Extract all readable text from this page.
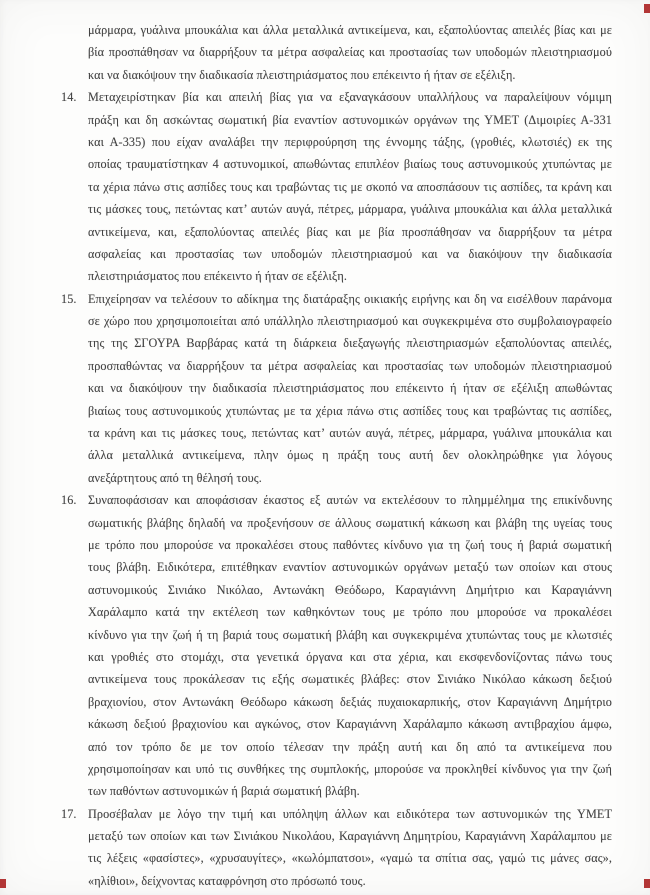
μάρμαρα, γυάλινα μπουκάλια και άλλα μεταλλικά αντικείμενα, και, εξαπολύοντας απειλές βίας και με
βία προσπάθησαν να διαρρήξουν τα μέτρα ασφαλείας και προστασίας των υποδομών πλειστηριασμού
και να διακόψουν την διαδικασία πλειστηριάσματος που επέκειντο ή ήταν σε εξέλιξη.
14. Μεταχειρίστηκαν βία και απειλή βίας για να εξαναγκάσουν υπαλλήλους να παραλείψουν νόμιμη
πράξη και δη ασκώντας σωματική βία εναντίον αστυνομικών οργάνων της ΥΜΕΤ (Διμοιρίες Α-331
και Α-335) που είχαν αναλάβει την περιφρούρηση της έννομης τάξης, (γροθιές, κλωτσιές) εκ της
οποίας τραυματίστηκαν 4 αστυνομικοί, απωθώντας επιπλέον βιαίως τους αστυνομικούς χτυπώντας με
τα χέρια πάνω στις ασπίδες τους και τραβώντας τις με σκοπό να αποσπάσουν τις ασπίδες, τα κράνη και
τις μάσκες τους, πετώντας κατ’ αυτών αυγά, πέτρες, μάρμαρα, γυάλινα μπουκάλια και άλλα μεταλλικά
αντικείμενα, και, εξαπολύοντας απειλές βίας και με βία προσπάθησαν να διαρρήξουν τα μέτρα
ασφαλείας και προστασίας των υποδομών πλειστηριασμού και να διακόψουν την διαδικασία
πλειστηριάσματος που επέκειντο ή ήταν σε εξέλιξη.
15. Επιχείρησαν να τελέσουν το αδίκημα της διατάραξης οικιακής ειρήνης και δη να εισέλθουν παράνομα
σε χώρο που χρησιμοποιείται από υπάλληλο πλειστηριασμού και συγκεκριμένα στο συμβολαιογραφείο
της της ΣΓΟΥΡΑ Βαρβάρας κατά τη διάρκεια διεξαγωγής πλειστηριασμών εξαπολύοντας απειλές,
προσπαθώντας να διαρρήξουν τα μέτρα ασφαλείας και προστασίας των υποδομών πλειστηριασμού
και να διακόψουν την διαδικασία πλειστηριάσματος που επέκειντο ή ήταν σε εξέλιξη απωθώντας
βιαίως τους αστυνομικούς χτυπώντας με τα χέρια πάνω στις ασπίδες τους και τραβώντας τις ασπίδες,
τα κράνη και τις μάσκες τους, πετώντας κατ’ αυτών αυγά, πέτρες, μάρμαρα, γυάλινα μπουκάλια και
άλλα μεταλλικά αντικείμενα, πλην όμως η πράξη τους αυτή δεν ολοκληρώθηκε για λόγους
ανεξάρτητους από τη θέλησή τους.
16. Συναποφάσισαν και αποφάσισαν έκαστος εξ αυτών να εκτελέσουν το πλημμέλημα της επικίνδυνης
σωματικής βλάβης δηλαδή να προξενήσουν σε άλλους σωματική κάκωση και βλάβη της υγείας τους
με τρόπο που μπορούσε να προκαλέσει στους παθόντες κίνδυνο για τη ζωή τους ή βαριά σωματική
τους βλάβη. Ειδικότερα, επιτέθηκαν εναντίον αστυνομικών οργάνων μεταξύ των οποίων και στους
αστυνομικούς Σινιάκο Νικόλαο, Αντωνάκη Θεόδωρο, Καραγιάννη Δημήτριο και Καραγιάννη
Χαράλαμπο κατά την εκτέλεση των καθηκόντων τους με τρόπο που μπορούσε να προκαλέσει
κίνδυνο για την ζωή ή τη βαριά τους σωματική βλάβη και συγκεκριμένα χτυπώντας τους με κλωτσιές
και γροθιές στο στομάχι, στα γενετικά όργανα και στα χέρια, και εκσφενδονίζοντας πάνω τους
αντικείμενα τους προκάλεσαν τις εξής σωματικές βλάβες: στον Σινιάκο Νικόλαο κάκωση δεξιού
βραχιονίου, στον Αντωνάκη Θεόδωρο κάκωση δεξιάς πυχαιοκαρπικής, στον Καραγιάννη Δημήτριο
κάκωση δεξιού βραχιονίου και αγκώνος, στον Καραγιάννη Χαράλαμπο κάκωση αντιβραχίου άμφω,
από τον τρόπο δε με τον οποίο τέλεσαν την πράξη αυτή και δη από τα αντικείμενα που
χρησιμοποίησαν και υπό τις συνθήκες της συμπλοκής, μπορούσε να προκληθεί κίνδυνος για την ζωή
των παθόντων αστυνομικών ή βαριά σωματική βλάβη.
17. Προσέβαλαν με λόγο την τιμή και υπόληψη άλλων και ειδικότερα των αστυνομικών της ΥΜΕΤ
μεταξύ των οποίων και των Σινιάκου Νικολάου, Καραγιάννη Δημητρίου, Καραγιάννη Χαράλαμπου με
τις λέξεις «φασίστες», «χρυσαυγίτες», «κωλόμπατσοι», «γαμώ τα σπίτια σας, γαμώ τις μάνες σας»,
«ηλίθιοι», δείχνοντας καταφρόνηση στο πρόσωπό τους.
